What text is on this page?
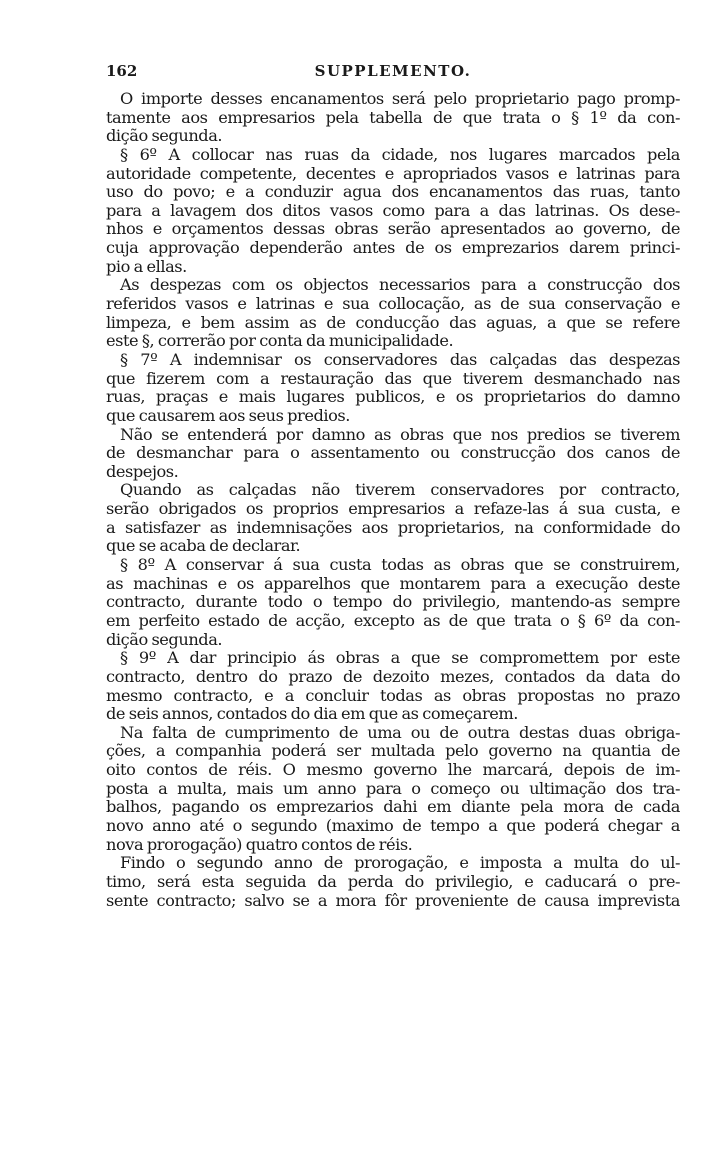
162	SUPPLEMENTO.
O importe desses encanamentos será pelo proprietario pago promp-
tamente aos empresarios pela tabella de que trata o § 1º da con-
dição segunda.
§ 6º A collocar nas ruas da cidade, nos lugares marcados pela
autoridade competente, decentes e apropriados vasos e latrinas para
uso do povo; e a conduzir agua dos encanamentos das ruas, tanto
para a lavagem dos ditos vasos como para a das latrinas. Os dese-
nhos e orçamentos dessas obras serão apresentados ao governo, de
cuja approvação dependerão antes de os emprezarios darem princi-
pio a ellas.
As despezas com os objectos necessarios para a construcção dos
referidos vasos e latrinas e sua collocação, as de sua conservação e
limpeza, e bem assim as de conducção das aguas, a que se refere
este §, correrão por conta da municipalidade.
§ 7º A indemnisar os conservadores das calçadas das despezas
que fizerem com a restauração das que tiverem desmanchado nas
ruas, praças e mais lugares publicos, e os proprietarios do damno
que causarem aos seus predios.
Não se entenderá por damno as obras que nos predios se tiverem
de desmanchar para o assentamento ou construcção dos canos de
despejos.
Quando as calçadas não tiverem conservadores por contracto,
serão obrigados os proprios empresarios a refaze-las á sua custa, e
a satisfazer as indemnisações aos proprietarios, na conformidade do
que se acaba de declarar.
§ 8º A conservar á sua custa todas as obras que se construirem,
as machinas e os apparelhos que montarem para a execução deste
contracto, durante todo o tempo do privilegio, mantendo-as sempre
em perfeito estado de acção, excepto as de que trata o § 6º da con-
dição segunda.
§ 9º A dar principio ás obras a que se compromettem por este
contracto, dentro do prazo de dezoito mezes, contados da data do
mesmo contracto, e a concluir todas as obras propostas no prazo
de seis annos, contados do dia em que as começarem.
Na falta de cumprimento de uma ou de outra destas duas obriga-
ções, a companhia poderá ser multada pelo governo na quantia de
oito contos de réis. O mesmo governo lhe marcará, depois de im-
posta a multa, mais um anno para o começo ou ultimação dos tra-
balhos, pagando os emprezarios dahi em diante pela mora de cada
novo anno até o segundo (maximo de tempo a que poderá chegar a
nova prorogação) quatro contos de réis.
Findo o segundo anno de prorogação, e imposta a multa do ul-
timo, será esta seguida da perda do privilegio, e caducará o pre-
sente contracto; salvo se a mora fôr proveniente de causa imprevista
